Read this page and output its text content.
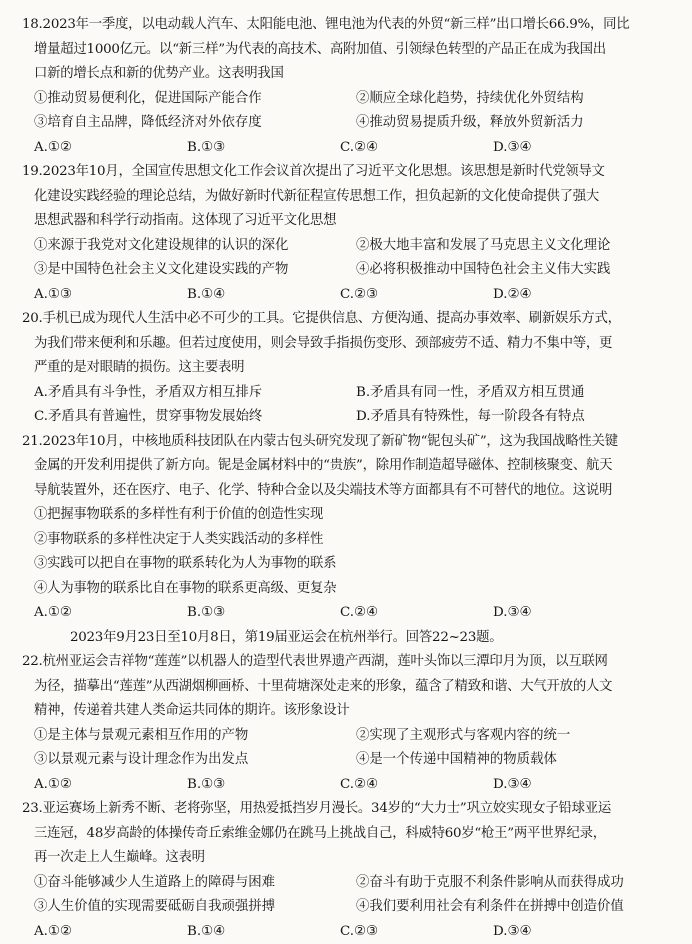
18.2023年一季度，以电动载人汽车、太阳能电池、锂电池为代表的外贸“新三样”出口增长66.9%，同比
增量超过1000亿元。以“新三样”为代表的高技术、高附加值、引领绿色转型的产品正在成为我国出
口新的增长点和新的优势产业。这表明我国
①推动贸易便利化，促进国际产能合作	②顺应全球化趋势，持续优化外贸结构
③培育自主品牌，降低经济对外依存度	④推动贸易提质升级，释放外贸新活力
A.①②	B.①③	C.②④	D.③④
19.2023年10月，全国宣传思想文化工作会议首次提出了习近平文化思想。该思想是新时代党领导文
化建设实践经验的理论总结，为做好新时代新征程宣传思想工作，担负起新的文化使命提供了强大
思想武器和科学行动指南。这体现了习近平文化思想
①来源于我党对文化建设规律的认识的深化	②极大地丰富和发展了马克思主义文化理论
③是中国特色社会主义文化建设实践的产物	④必将积极推动中国特色社会主义伟大实践
A.①③	B.①④	C.②③	D.②④
20.手机已成为现代人生活中必不可少的工具。它提供信息、方便沟通、提高办事效率、刷新娱乐方式，
为我们带来便利和乐趣。但若过度使用，则会导致手指损伤变形、颈部疲劳不适、精力不集中等，更
严重的是对眼睛的损伤。这主要表明
A.矛盾具有斗争性，矛盾双方相互排斥	B.矛盾具有同一性，矛盾双方相互贯通
C.矛盾具有普遍性，贯穿事物发展始终	D.矛盾具有特殊性，每一阶段各有特点
21.2023年10月，中核地质科技团队在内蒙古包头研究发现了新矿物“铌包头矿”，这为我国战略性关键
金属的开发利用提供了新方向。铌是金属材料中的“贵族”，除用作制造超导磁体、控制核聚变、航天
导航装置外，还在医疗、电子、化学、特种合金以及尖端技术等方面都具有不可替代的地位。这说明
①把握事物联系的多样性有利于价值的创造性实现
②事物联系的多样性决定于人类实践活动的多样性
③实践可以把自在事物的联系转化为人为事物的联系
④人为事物的联系比自在事物的联系更高级、更复杂
A.①②	B.①③	C.②④	D.③④
2023年9月23日至10月8日，第19届亚运会在杭州举行。回答22~23题。
22.杭州亚运会吉祥物“莲莲”以机器人的造型代表世界遗产西湖，莲叶头饰以三潭印月为顶，以互联网
为径，描摹出“莲莲”从西湖烟柳画桥、十里荷塘深处走来的形象，蕴含了精致和谐、大气开放的人文
精神，传递着共建人类命运共同体的期许。该形象设计
①是主体与景观元素相互作用的产物	②实现了主观形式与客观内容的统一
③以景观元素与设计理念作为出发点	④是一个传递中国精神的物质载体
A.①②	B.①③	C.②④	D.③④
23.亚运赛场上新秀不断、老将弥坚，用热爱抵挡岁月漫长。34岁的“大力士”巩立姣实现女子铅球亚运
三连冠，48岁高龄的体操传奇丘索维金娜仍在跳马上挑战自己，科威特60岁“枪王”两平世界纪录，
再一次走上人生巅峰。这表明
①奋斗能够减少人生道路上的障碍与困难	②奋斗有助于克服不利条件影响从而获得成功
③人生价值的实现需要砥砺自我顽强拼搏	④我们要利用社会有利条件在拼搏中创造价值
A.①②	B.①④	C.②③	D.③④
